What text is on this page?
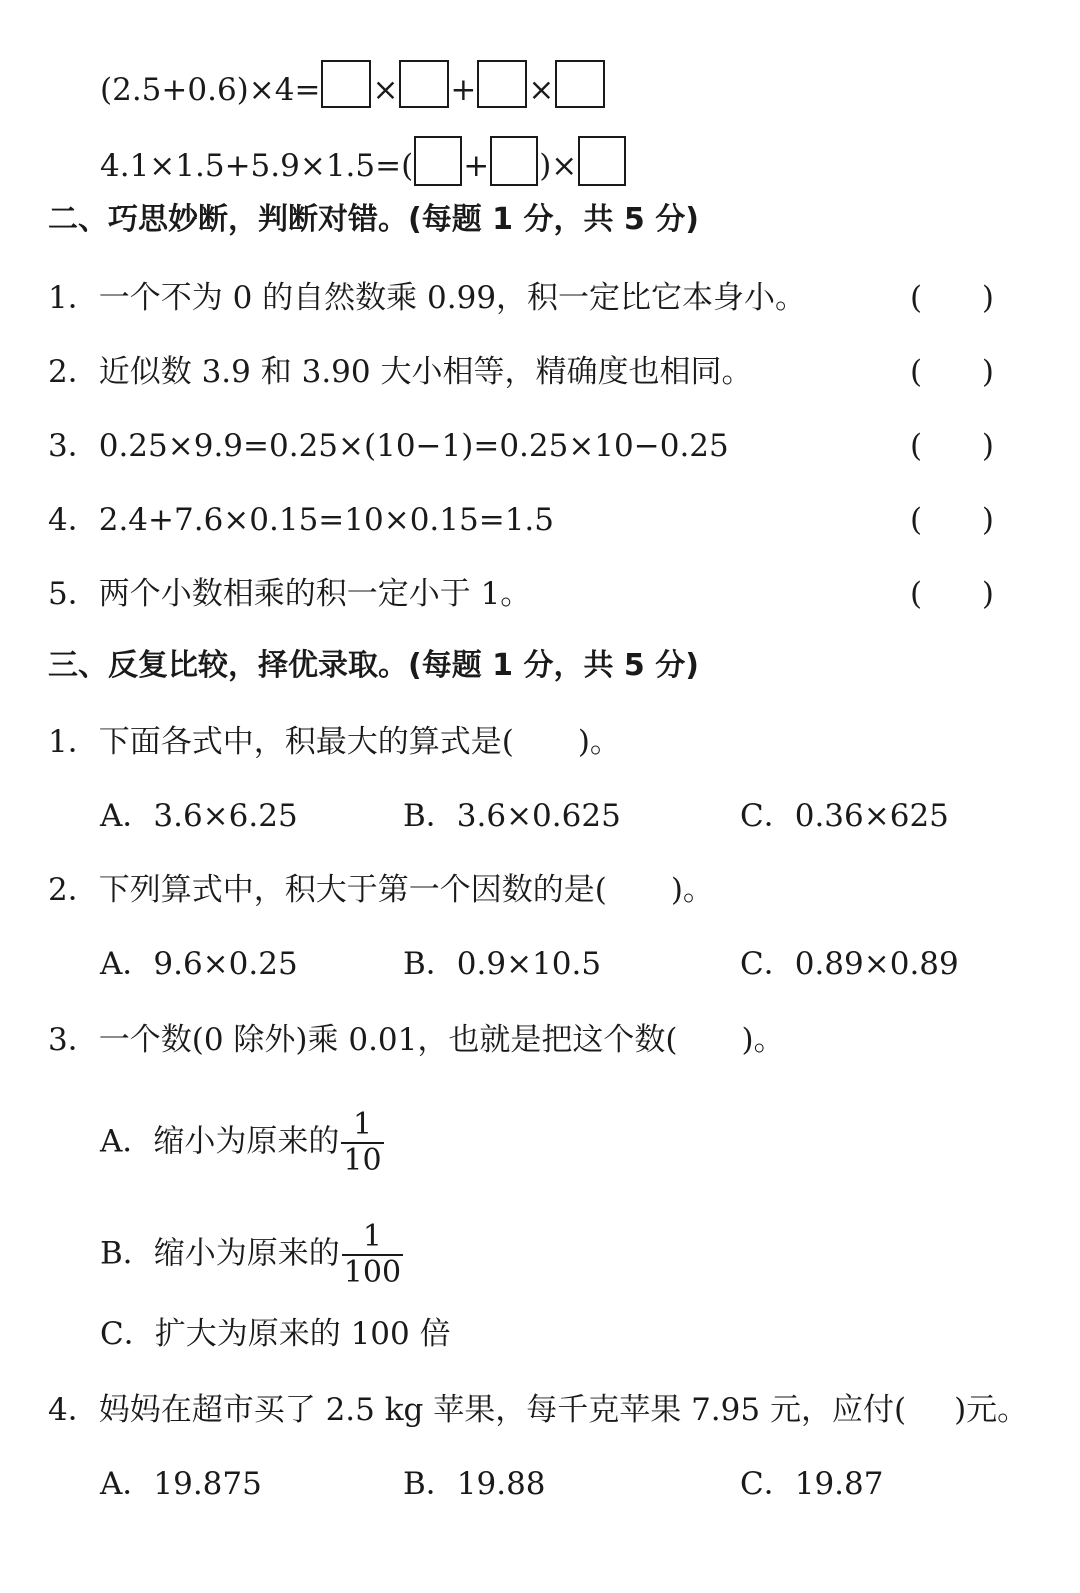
(2.5+0.6)×4= × + ×
4.1×1.5+5.9×1.5=( + )×
二、巧思妙断，判断对错。(每题 1 分，共 5 分)
1．一个不为 0 的自然数乘 0.99，积一定比它本身小。	( )
2．近似数 3.9 和 3.90 大小相等，精确度也相同。	( )
3．0.25×9.9=0.25×(10−1)=0.25×10−0.25	( )
4．2.4+7.6×0.15=10×0.15=1.5	( )
5．两个小数相乘的积一定小于 1。	( )
三、反复比较，择优录取。(每题 1 分，共 5 分)
1．下面各式中，积最大的算式是( )。
A．3.6×6.25	B．3.6×0.625	C．0.36×625
2．下列算式中，积大于第一个因数的是( )。
A．9.6×0.25	B．0.9×10.5	C．0.89×0.89
3．一个数(0 除外)乘 0.01，也就是把这个数( )。
A．缩小为原来的 $\frac{1}{10}$
B．缩小为原来的 $\frac{1}{100}$
C．扩大为原来的 100 倍
4．妈妈在超市买了 2.5 kg 苹果，每千克苹果 7.95 元，应付( )元。
A．19.875	B．19.88	C．19.87
